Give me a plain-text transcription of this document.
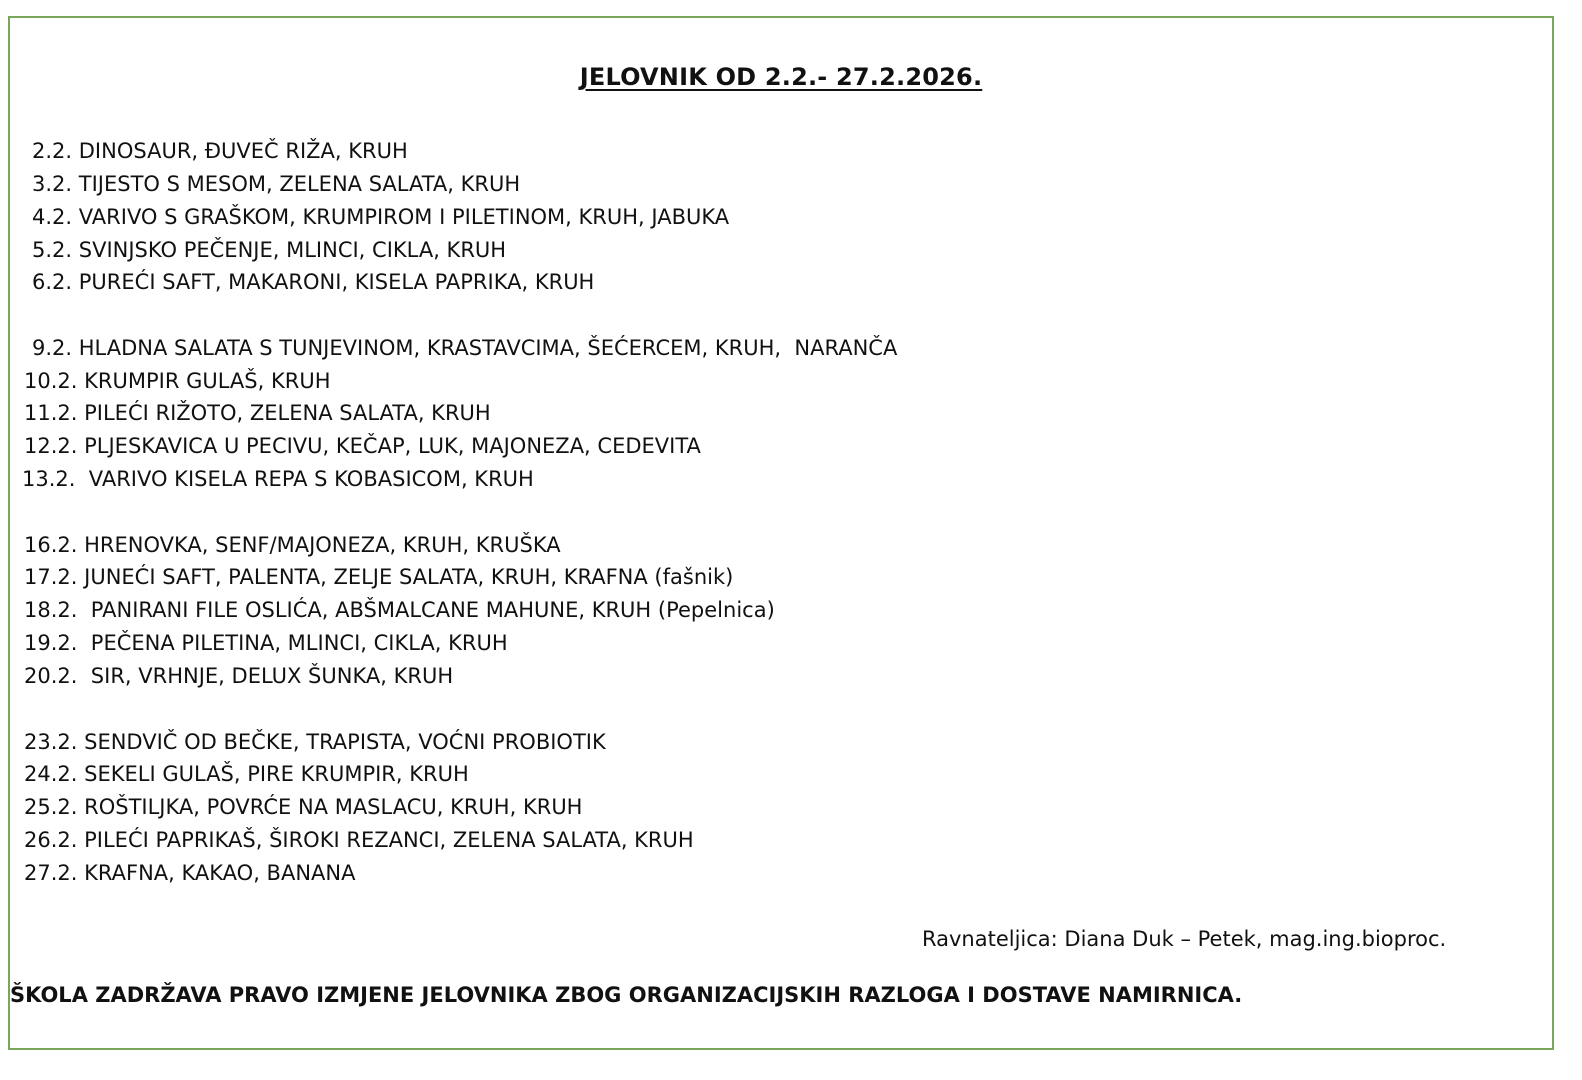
JELOVNIK OD 2.2.- 27.2.2026.
2.2. DINOSAUR, ĐUVEČ RIŽA, KRUH
3.2. TIJESTO S MESOM, ZELENA SALATA, KRUH
4.2. VARIVO S GRAŠKOM, KRUMPIROM I PILETINOM, KRUH, JABUKA
5.2. SVINJSKO PEČENJE, MLINCI, CIKLA, KRUH
6.2. PUREĆI SAFT, MAKARONI, KISELA PAPRIKA, KRUH
9.2. HLADNA SALATA S TUNJEVINOM, KRASTAVCIMA, ŠEĆERCEM, KRUH,  NARANČA
10.2. KRUMPIR GULAŠ, KRUH
11.2. PILEĆI RIŽOTO, ZELENA SALATA, KRUH
12.2. PLJESKAVICA U PECIVU, KEČAP, LUK, MAJONEZA, CEDEVITA
13.2.  VARIVO KISELA REPA S KOBASICOM, KRUH
16.2. HRENOVKA, SENF/MAJONEZA, KRUH, KRUŠKA
17.2. JUNEĆI SAFT, PALENTA, ZELJE SALATA, KRUH, KRAFNA (fašnik)
18.2.  PANIRANI FILE OSLIĆA, ABŠMALCANE MAHUNE, KRUH (Pepelnica)
19.2.  PEČENA PILETINA, MLINCI, CIKLA, KRUH
20.2.  SIR, VRHNJE, DELUX ŠUNKA, KRUH
23.2. SENDVIČ OD BEČKE, TRAPISTA, VOĆNI PROBIOTIK
24.2. SEKELI GULAŠ, PIRE KRUMPIR, KRUH
25.2. ROŠTILJKA, POVRĆE NA MASLACU, KRUH, KRUH
26.2. PILEĆI PAPRIKAŠ, ŠIROKI REZANCI, ZELENA SALATA, KRUH
27.2. KRAFNA, KAKAO, BANANA
Ravnateljica: Diana Duk – Petek, mag.ing.bioproc.
ŠKOLA ZADRŽAVA PRAVO IZMJENE JELOVNIKA ZBOG ORGANIZACIJSKIH RAZLOGA I DOSTAVE NAMIRNICA.
